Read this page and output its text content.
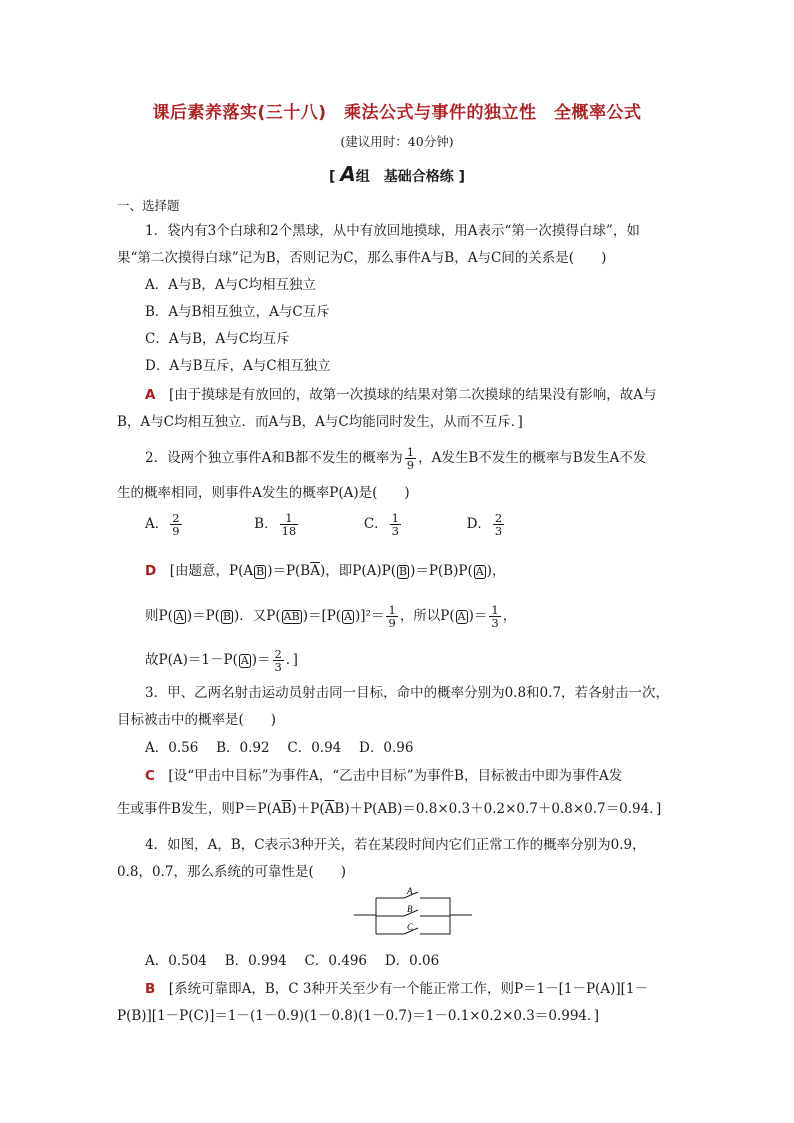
课后素养落实(三十八)　乘法公式与事件的独立性　全概率公式
(建议用时：40分钟)
[ A组　基础合格练 ]
一、选择题
1．袋内有3个白球和2个黑球，从中有放回地摸球，用A表示“第一次摸得白球”，如
果“第二次摸得白球”记为B，否则记为C，那么事件A与B，A与C间的关系是(　　)
A．A与B，A与C均相互独立
B．A与B相互独立，A与C互斥
C．A与B，A与C均互斥
D．A与B互斥，A与C相互独立
A　 [由于摸球是有放回的，故第一次摸球的结果对第二次摸球的结果没有影响，故A与
B，A与C均相互独立．而A与B，A与C均能同时发生，从而不互斥．]
2．设两个独立事件A和B都不发生的概率为 $\frac{1}{9}$ ，A发生B不发生的概率与B发生A不发
生的概率相同，则事件A发生的概率P(A)是(　　)
A． $\frac{2}{9}$	B． $\frac{1}{18}$	C． $\frac{1}{3}$	D． $\frac{2}{3}$
D　 [由题意，P(A B )$=P(B\overline{A})$，即P(A)P( B )＝P(B)P( A )，
则P( A )＝P( B )．又P( AB )＝[P( A )]$^2= \frac{1}{9}$ ，所以P( A )＝ $\frac{1}{3}$ ，
故P(A)＝1－P( A )＝ $\frac{2}{3}$ ．]
3．甲、乙两名射击运动员射击同一目标，命中的概率分别为0.8和0.7，若各射击一次，
目标被击中的概率是(　　)
A．0.56　 B．0.92　 C．0.94　 D．0.96
C　 [设“甲击中目标”为事件A，“乙击中目标”为事件B，目标被击中即为事件A发
生或事件B发生，则$P=P(A\overline{B})+P(\overline{A}B)+P(AB)=0.8\times 0.3+0.2\times 0.7+0.8\times 0.7=0.94$．]
4．如图，A，B，C表示3种开关，若在某段时间内它们正常工作的概率分别为0.9，
0.8，0.7，那么系统的可靠性是(　　)
A
B
C
A．0.504　 B．0.994　 C．0.496　 D．0.06
B　 [系统可靠即A，B，C 3种开关至少有一个能正常工作，则P＝1－[1－P(A)][1－
P(B)][1－P(C)]＝1－(1－0.9)(1－0.8)(1－0.7)＝1－0.1×0.2×0.3＝0.994．]
